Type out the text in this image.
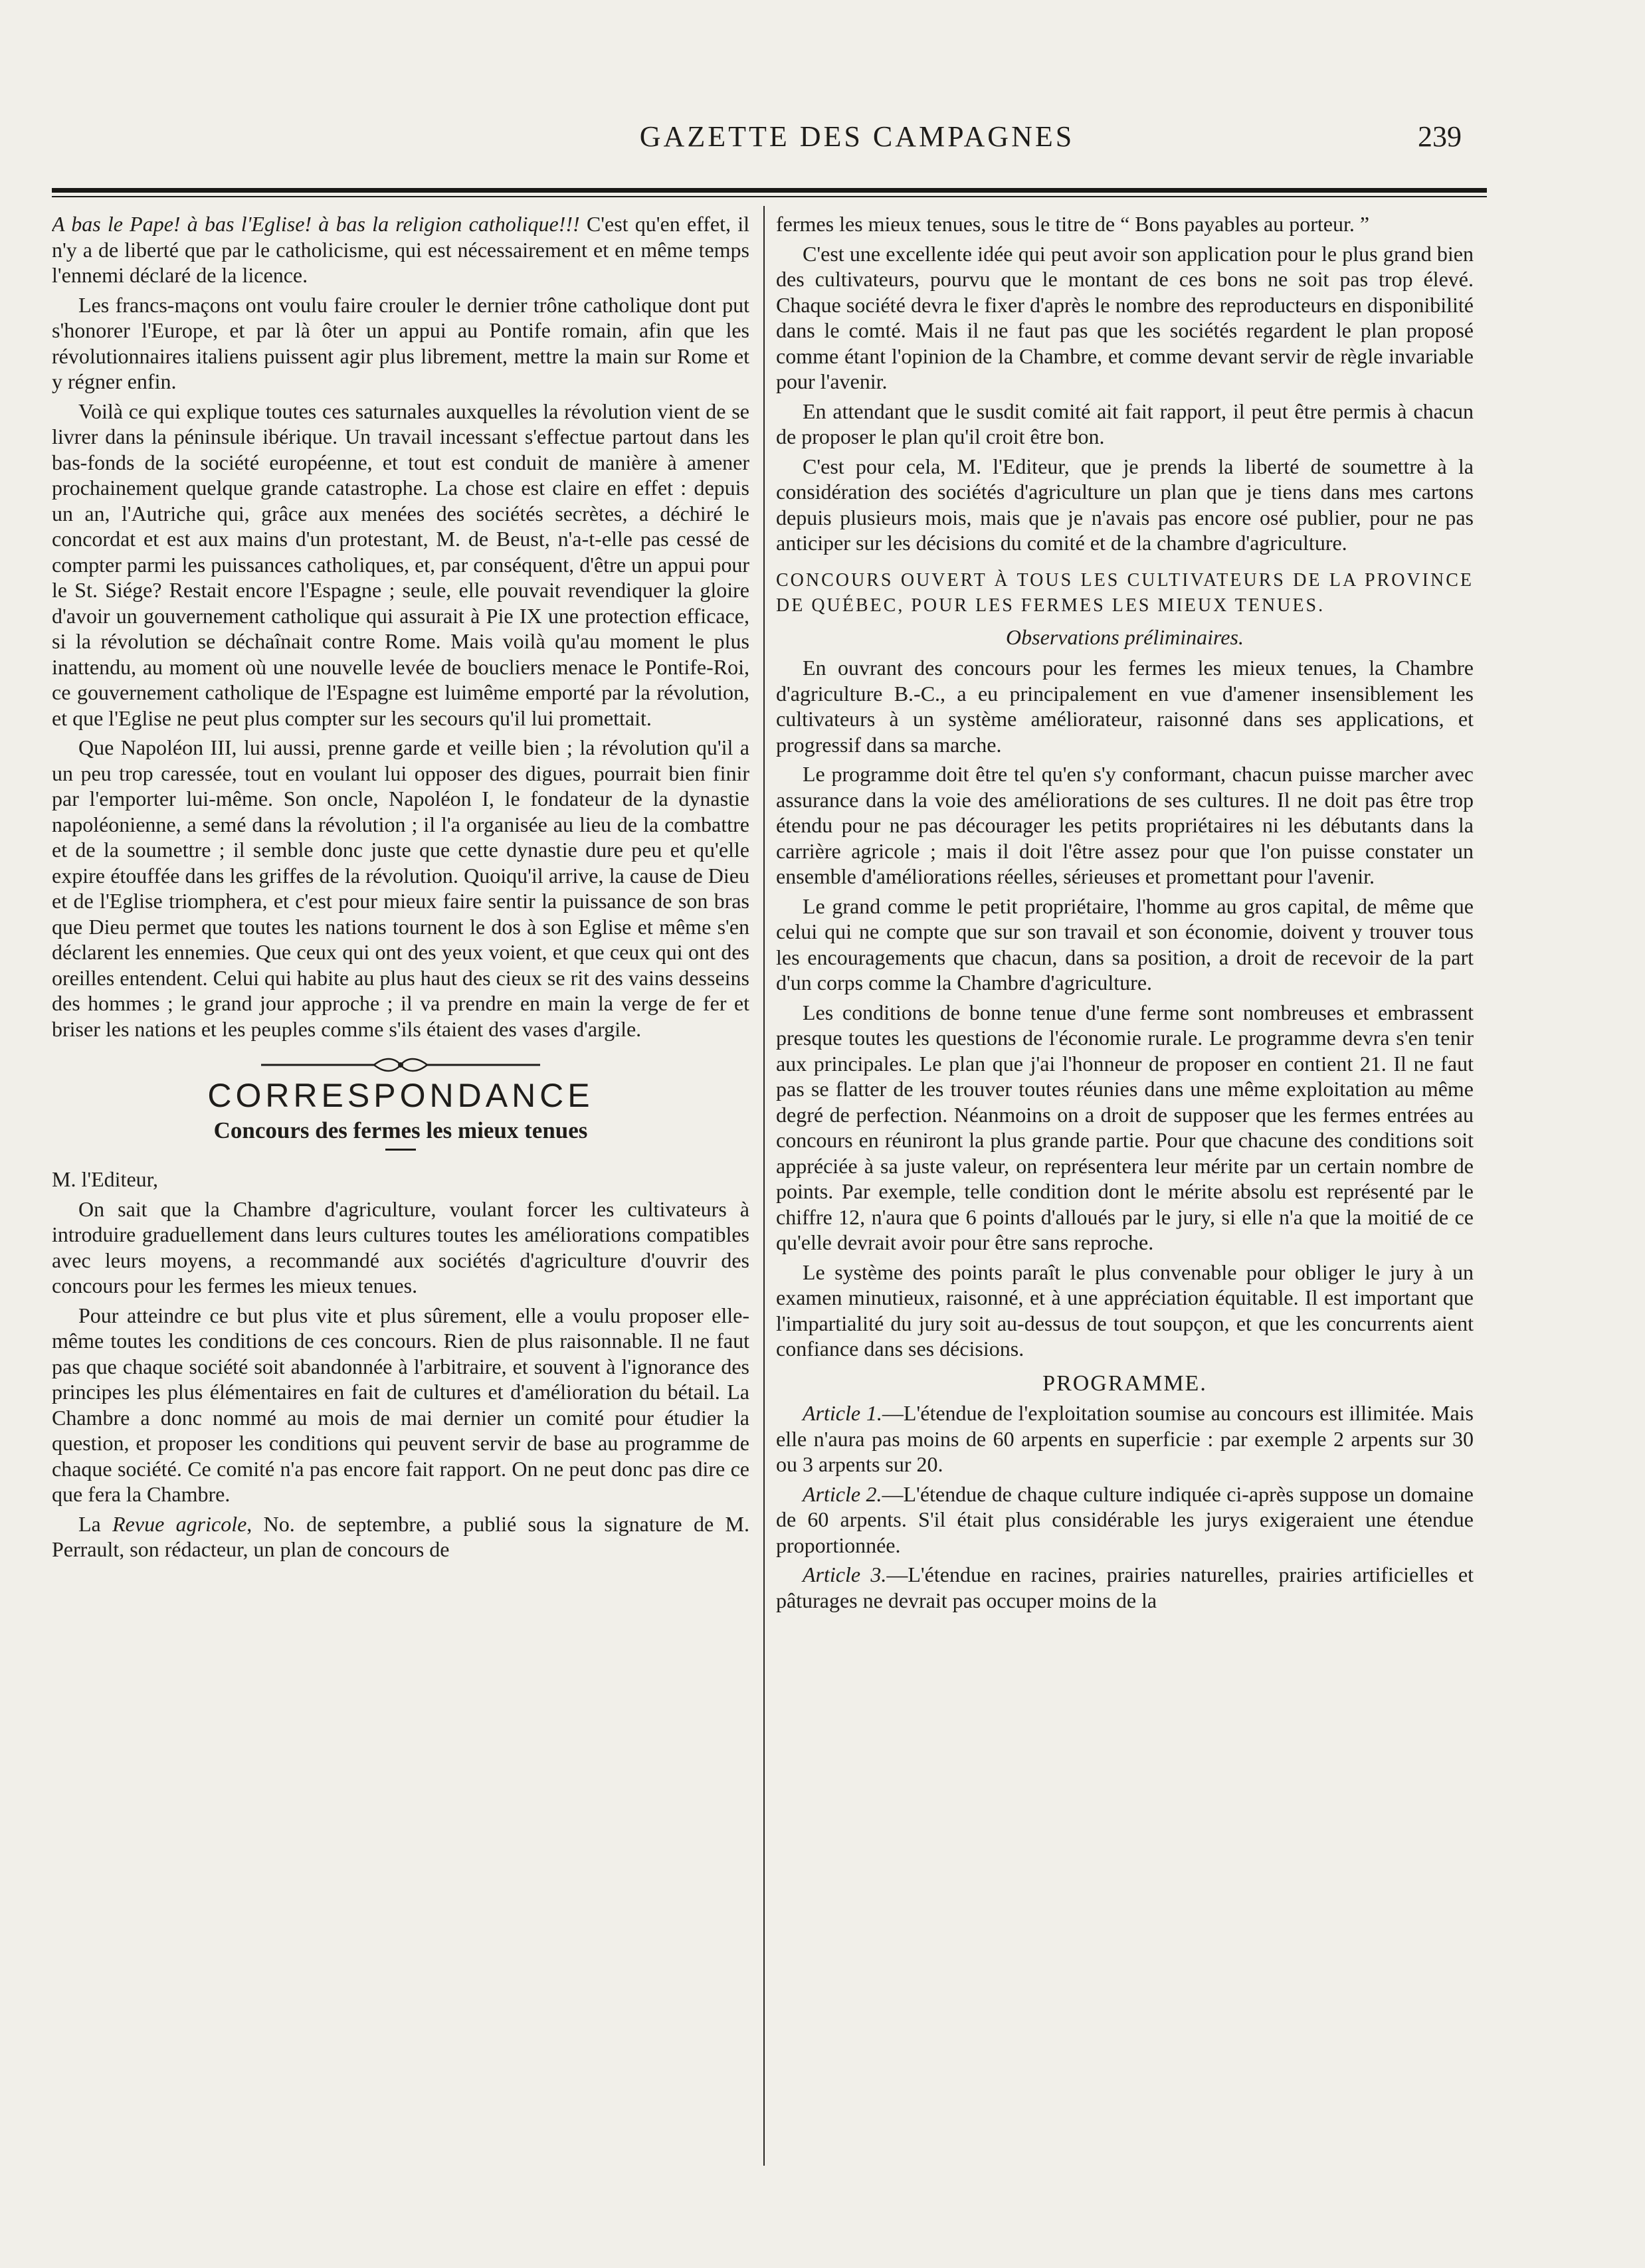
GAZETTE DES CAMPAGNES	239

A bas le Pape! à bas l'Eglise! à bas la religion catholique!!! C'est qu'en effet, il n'y a de liberté que par le catholicisme, qui est nécessairement et en même temps l'ennemi déclaré de la licence.

Les francs-maçons ont voulu faire crouler le dernier trône catholique dont put s'honorer l'Europe, et par là ôter un appui au Pontife romain, afin que les révolutionnaires italiens puissent agir plus librement, mettre la main sur Rome et y régner enfin.

Voilà ce qui explique toutes ces saturnales auxquelles la révolution vient de se livrer dans la péninsule ibérique. Un travail incessant s'effectue partout dans les bas-fonds de la société européenne, et tout est conduit de manière à amener prochainement quelque grande catastrophe. La chose est claire en effet : depuis un an, l'Autriche qui, grâce aux menées des sociétés secrètes, a déchiré le concordat et est aux mains d'un protestant, M. de Beust, n'a-t-elle pas cessé de compter parmi les puissances catholiques, et, par conséquent, d'être un appui pour le St. Siége? Restait encore l'Espagne ; seule, elle pouvait revendiquer la gloire d'avoir un gouvernement catholique qui assurait à Pie IX une protection efficace, si la révolution se déchaînait contre Rome. Mais voilà qu'au moment le plus inattendu, au moment où une nouvelle levée de boucliers menace le Pontife-Roi, ce gouvernement catholique de l'Espagne est luimême emporté par la révolution, et que l'Eglise ne peut plus compter sur les secours qu'il lui promettait.

Que Napoléon III, lui aussi, prenne garde et veille bien ; la révolution qu'il a un peu trop caressée, tout en voulant lui opposer des digues, pourrait bien finir par l'emporter lui-même. Son oncle, Napoléon I, le fondateur de la dynastie napoléonienne, a semé dans la révolution ; il l'a organisée au lieu de la combattre et de la soumettre ; il semble donc juste que cette dynastie dure peu et qu'elle expire étouffée dans les griffes de la révolution. Quoiqu'il arrive, la cause de Dieu et de l'Eglise triomphera, et c'est pour mieux faire sentir la puissance de son bras que Dieu permet que toutes les nations tournent le dos à son Eglise et même s'en déclarent les ennemies. Que ceux qui ont des yeux voient, et que ceux qui ont des oreilles entendent. Celui qui habite au plus haut des cieux se rit des vains desseins des hommes ; le grand jour approche ; il va prendre en main la verge de fer et briser les nations et les peuples comme s'ils étaient des vases d'argile.

CORRESPONDANCE
Concours des fermes les mieux tenues

M. l'Editeur,

On sait que la Chambre d'agriculture, voulant forcer les cultivateurs à introduire graduellement dans leurs cultures toutes les améliorations compatibles avec leurs moyens, a recommandé aux sociétés d'agriculture d'ouvrir des concours pour les fermes les mieux tenues.

Pour atteindre ce but plus vite et plus sûrement, elle a voulu proposer elle-même toutes les conditions de ces concours. Rien de plus raisonnable. Il ne faut pas que chaque société soit abandonnée à l'arbitraire, et souvent à l'ignorance des principes les plus élémentaires en fait de cultures et d'amélioration du bétail. La Chambre a donc nommé au mois de mai dernier un comité pour étudier la question, et proposer les conditions qui peuvent servir de base au programme de chaque société. Ce comité n'a pas encore fait rapport. On ne peut donc pas dire ce que fera la Chambre.

La Revue agricole, No. de septembre, a publié sous la signature de M. Perrault, son rédacteur, un plan de concours de

fermes les mieux tenues, sous le titre de “ Bons payables au porteur. ”

C'est une excellente idée qui peut avoir son application pour le plus grand bien des cultivateurs, pourvu que le montant de ces bons ne soit pas trop élevé. Chaque société devra le fixer d'après le nombre des reproducteurs en disponibilité dans le comté. Mais il ne faut pas que les sociétés regardent le plan proposé comme étant l'opinion de la Chambre, et comme devant servir de règle invariable pour l'avenir.

En attendant que le susdit comité ait fait rapport, il peut être permis à chacun de proposer le plan qu'il croit être bon.

C'est pour cela, M. l'Editeur, que je prends la liberté de soumettre à la considération des sociétés d'agriculture un plan que je tiens dans mes cartons depuis plusieurs mois, mais que je n'avais pas encore osé publier, pour ne pas anticiper sur les décisions du comité et de la chambre d'agriculture.

CONCOURS OUVERT À TOUS LES CULTIVATEURS DE LA PROVINCE DE QUÉBEC, POUR LES FERMES LES MIEUX TENUES.
Observations préliminaires.

En ouvrant des concours pour les fermes les mieux tenues, la Chambre d'agriculture B.-C., a eu principalement en vue d'amener insensiblement les cultivateurs à un système améliorateur, raisonné dans ses applications, et progressif dans sa marche.

Le programme doit être tel qu'en s'y conformant, chacun puisse marcher avec assurance dans la voie des améliorations de ses cultures. Il ne doit pas être trop étendu pour ne pas décourager les petits propriétaires ni les débutants dans la carrière agricole ; mais il doit l'être assez pour que l'on puisse constater un ensemble d'améliorations réelles, sérieuses et promettant pour l'avenir.

Le grand comme le petit propriétaire, l'homme au gros capital, de même que celui qui ne compte que sur son travail et son économie, doivent y trouver tous les encouragements que chacun, dans sa position, a droit de recevoir de la part d'un corps comme la Chambre d'agriculture.

Les conditions de bonne tenue d'une ferme sont nombreuses et embrassent presque toutes les questions de l'économie rurale. Le programme devra s'en tenir aux principales. Le plan que j'ai l'honneur de proposer en contient 21. Il ne faut pas se flatter de les trouver toutes réunies dans une même exploitation au même degré de perfection. Néanmoins on a droit de supposer que les fermes entrées au concours en réuniront la plus grande partie. Pour que chacune des conditions soit appréciée à sa juste valeur, on représentera leur mérite par un certain nombre de points. Par exemple, telle condition dont le mérite absolu est représenté par le chiffre 12, n'aura que 6 points d'alloués par le jury, si elle n'a que la moitié de ce qu'elle devrait avoir pour être sans reproche.

Le système des points paraît le plus convenable pour obliger le jury à un examen minutieux, raisonné, et à une appréciation équitable. Il est important que l'impartialité du jury soit au-dessus de tout soupçon, et que les concurrents aient confiance dans ses décisions.

PROGRAMME.

Article 1.—L'étendue de l'exploitation soumise au concours est illimitée. Mais elle n'aura pas moins de 60 arpents en superficie : par exemple 2 arpents sur 30 ou 3 arpents sur 20.

Article 2.—L'étendue de chaque culture indiquée ci-après suppose un domaine de 60 arpents. S'il était plus considérable les jurys exigeraient une étendue proportionnée.

Article 3.—L'étendue en racines, prairies naturelles, prairies artificielles et pâturages ne devrait pas occuper moins de la
